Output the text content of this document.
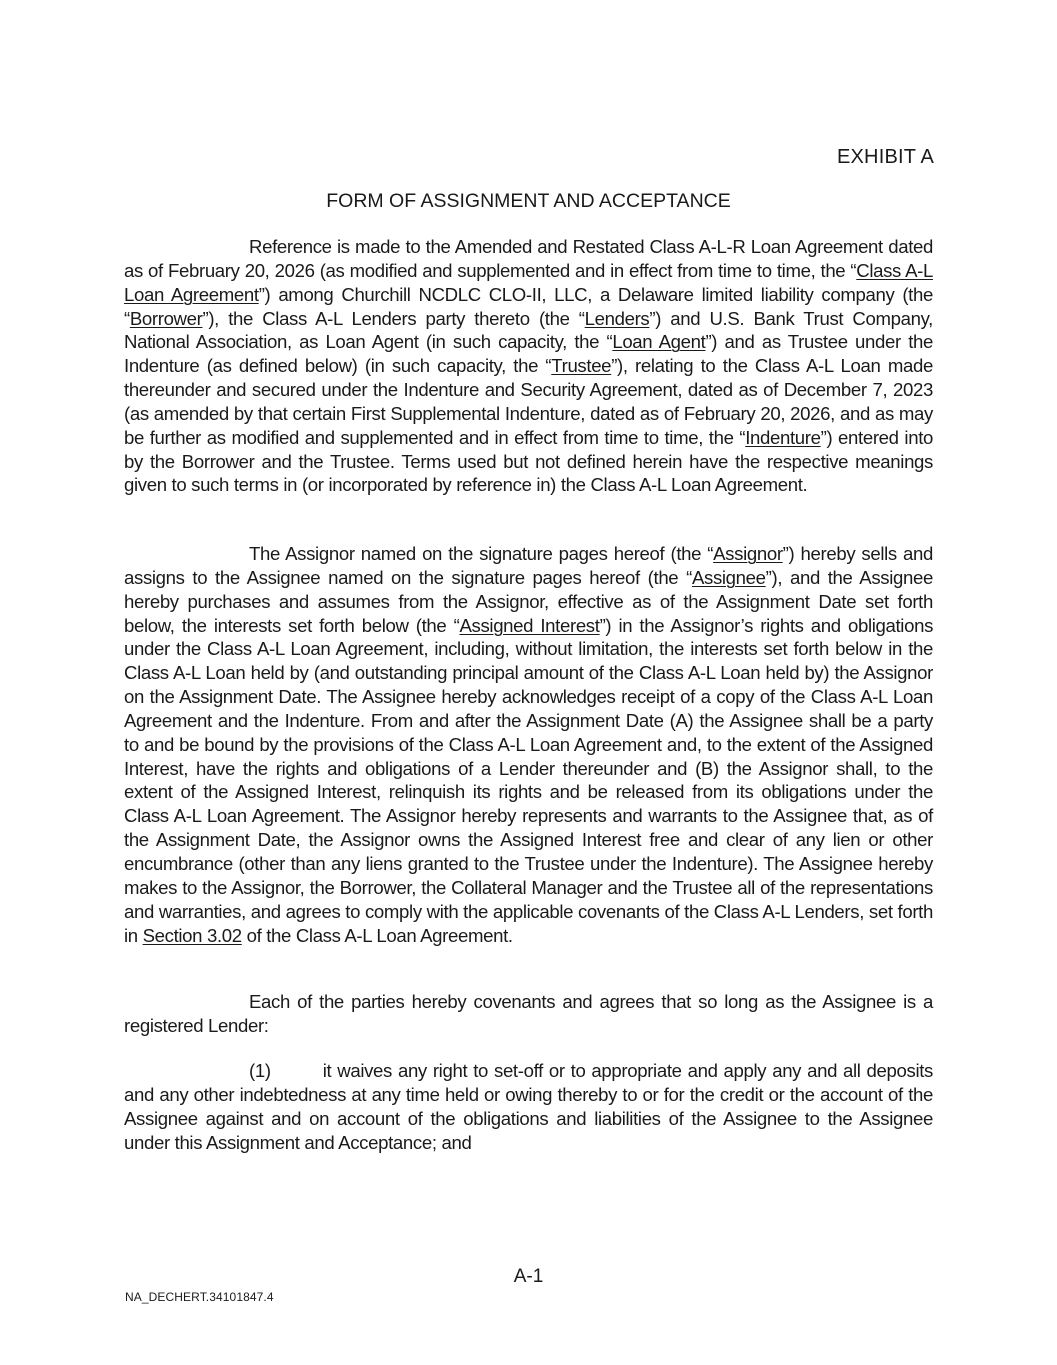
EXHIBIT A
FORM OF ASSIGNMENT AND ACCEPTANCE

Reference is made to the Amended and Restated Class A-L-R Loan Agreement dated as of February 20, 2026 (as modified and supplemented and in effect from time to time, the “Class A-L Loan Agreement”) among Churchill NCDLC CLO-II, LLC, a Delaware limited liability company (the “Borrower”), the Class A-L Lenders party thereto (the “Lenders”) and U.S. Bank Trust Company, National Association, as Loan Agent (in such capacity, the “Loan Agent”) and as Trustee under the Indenture (as defined below) (in such capacity, the “Trustee”), relating to the Class A-L Loan made thereunder and secured under the Indenture and Security Agreement, dated as of December 7, 2023 (as amended by that certain First Supplemental Indenture, dated as of February 20, 2026, and as may be further as modified and supplemented and in effect from time to time, the “Indenture”) entered into by the Borrower and the Trustee. Terms used but not defined herein have the respective meanings given to such terms in (or incorporated by reference in) the Class A-L Loan Agreement.

The Assignor named on the signature pages hereof (the “Assignor”) hereby sells and assigns to the Assignee named on the signature pages hereof (the “Assignee”), and the Assignee hereby purchases and assumes from the Assignor, effective as of the Assignment Date set forth below, the interests set forth below (the “Assigned Interest”) in the Assignor’s rights and obligations under the Class A-L Loan Agreement, including, without limitation, the interests set forth below in the Class A-L Loan held by (and outstanding principal amount of the Class A-L Loan held by) the Assignor on the Assignment Date. The Assignee hereby acknowledges receipt of a copy of the Class A-L Loan Agreement and the Indenture. From and after the Assignment Date (A) the Assignee shall be a party to and be bound by the provisions of the Class A-L Loan Agreement and, to the extent of the Assigned Interest, have the rights and obligations of a Lender thereunder and (B) the Assignor shall, to the extent of the Assigned Interest, relinquish its rights and be released from its obligations under the Class A-L Loan Agreement. The Assignor hereby represents and warrants to the Assignee that, as of the Assignment Date, the Assignor owns the Assigned Interest free and clear of any lien or other encumbrance (other than any liens granted to the Trustee under the Indenture). The Assignee hereby makes to the Assignor, the Borrower, the Collateral Manager and the Trustee all of the representations and warranties, and agrees to comply with the applicable covenants of the Class A-L Lenders, set forth in Section 3.02 of the Class A-L Loan Agreement.

Each of the parties hereby covenants and agrees that so long as the Assignee is a registered Lender:

(1)	it waives any right to set-off or to appropriate and apply any and all deposits and any other indebtedness at any time held or owing thereby to or for the credit or the account of the Assignee against and on account of the obligations and liabilities of the Assignee to the Assignee under this Assignment and Acceptance; and

A-1
NA_DECHERT.34101847.4
